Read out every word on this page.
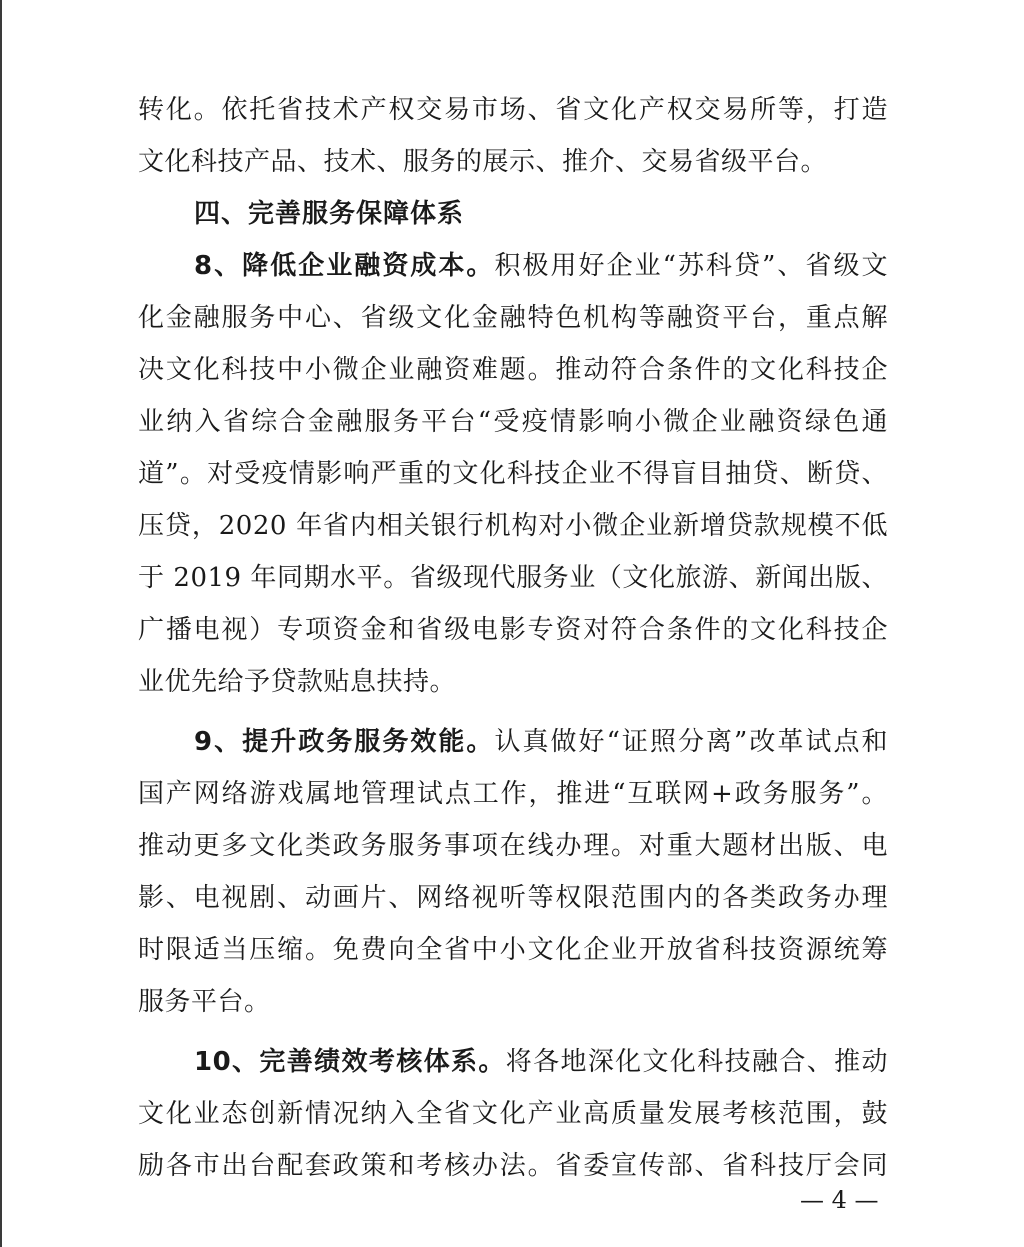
转化。依托省技术产权交易市场、省文化产权交易所等，打造
文化科技产品、技术、服务的展示、推介、交易省级平台。
四、完善服务保障体系
8、降低企业融资成本。积极用好企业“苏科贷”、省级文
化金融服务中心、省级文化金融特色机构等融资平台，重点解
决文化科技中小微企业融资难题。推动符合条件的文化科技企
业纳入省综合金融服务平台“受疫情影响小微企业融资绿色通
道”。对受疫情影响严重的文化科技企业不得盲目抽贷、断贷、
压贷，2020 年省内相关银行机构对小微企业新增贷款规模不低
于 2019 年同期水平。省级现代服务业（文化旅游、新闻出版、
广播电视）专项资金和省级电影专资对符合条件的文化科技企
业优先给予贷款贴息扶持。
9、提升政务服务效能。认真做好“证照分离”改革试点和
国产网络游戏属地管理试点工作，推进“互联网+政务服务”。
推动更多文化类政务服务事项在线办理。对重大题材出版、电
影、电视剧、动画片、网络视听等权限范围内的各类政务办理
时限适当压缩。免费向全省中小文化企业开放省科技资源统筹
服务平台。
10、完善绩效考核体系。将各地深化文化科技融合、推动
文化业态创新情况纳入全省文化产业高质量发展考核范围，鼓
励各市出台配套政策和考核办法。省委宣传部、省科技厅会同
— 4 —
